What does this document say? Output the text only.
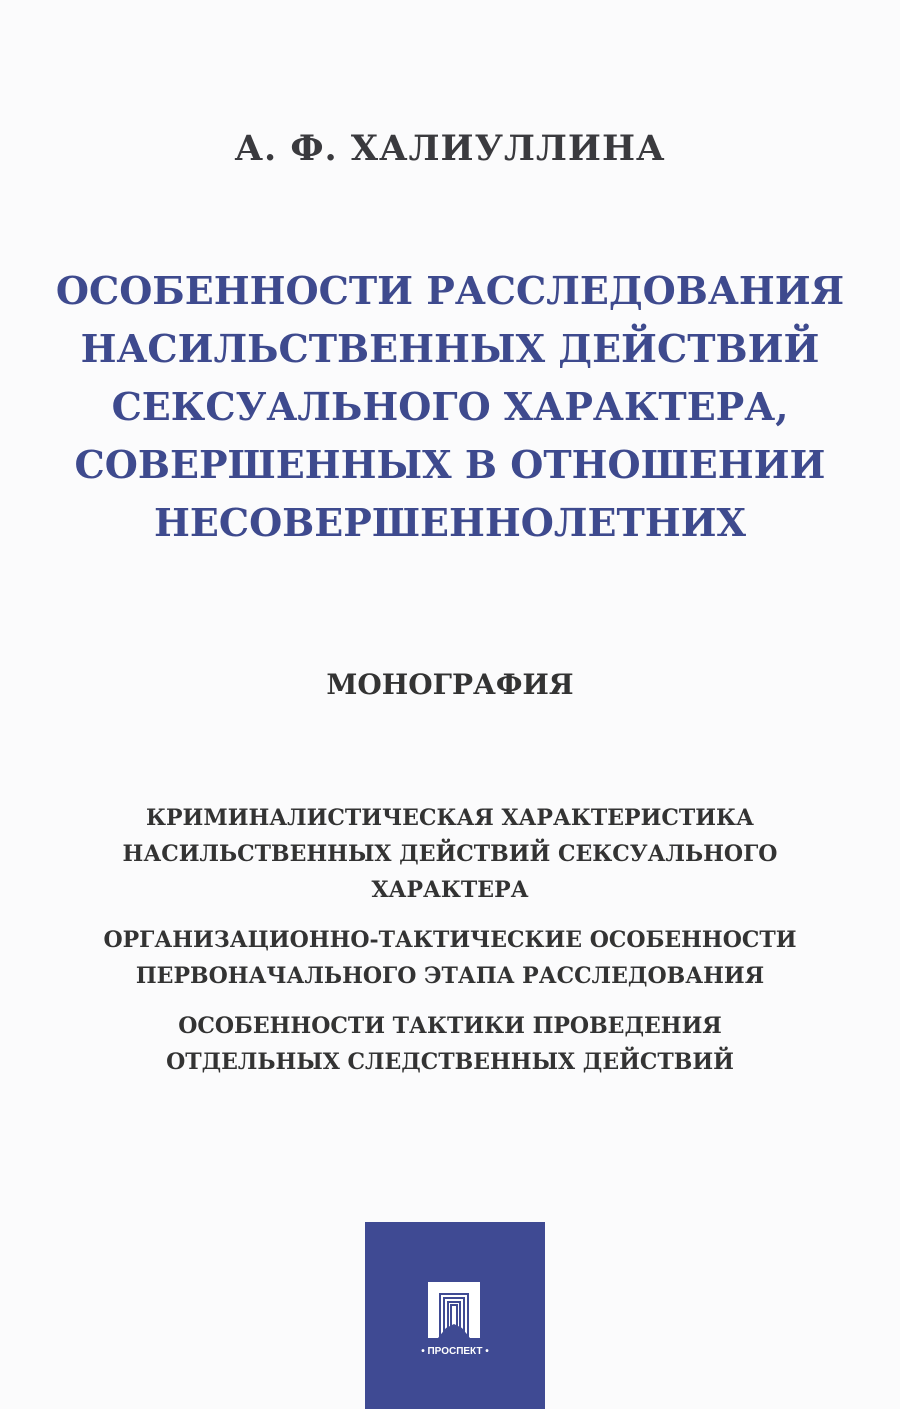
А. Ф. ХАЛИУЛЛИНА
ОСОБЕННОСТИ РАССЛЕДОВАНИЯ
НАСИЛЬСТВЕННЫХ ДЕЙСТВИЙ
СЕКСУАЛЬНОГО ХАРАКТЕРА,
СОВЕРШЕННЫХ В ОТНОШЕНИИ
НЕСОВЕРШЕННОЛЕТНИХ
МОНОГРАФИЯ
КРИМИНАЛИСТИЧЕСКАЯ ХАРАКТЕРИСТИКА
НАСИЛЬСТВЕННЫХ ДЕЙСТВИЙ СЕКСУАЛЬНОГО
ХАРАКТЕРА
ОРГАНИЗАЦИОННО-ТАКТИЧЕСКИЕ ОСОБЕННОСТИ
ПЕРВОНАЧАЛЬНОГО ЭТАПА РАССЛЕДОВАНИЯ
ОСОБЕННОСТИ ТАКТИКИ ПРОВЕДЕНИЯ
ОТДЕЛЬНЫХ СЛЕДСТВЕННЫХ ДЕЙСТВИЙ
• ПРОСПЕКТ •
